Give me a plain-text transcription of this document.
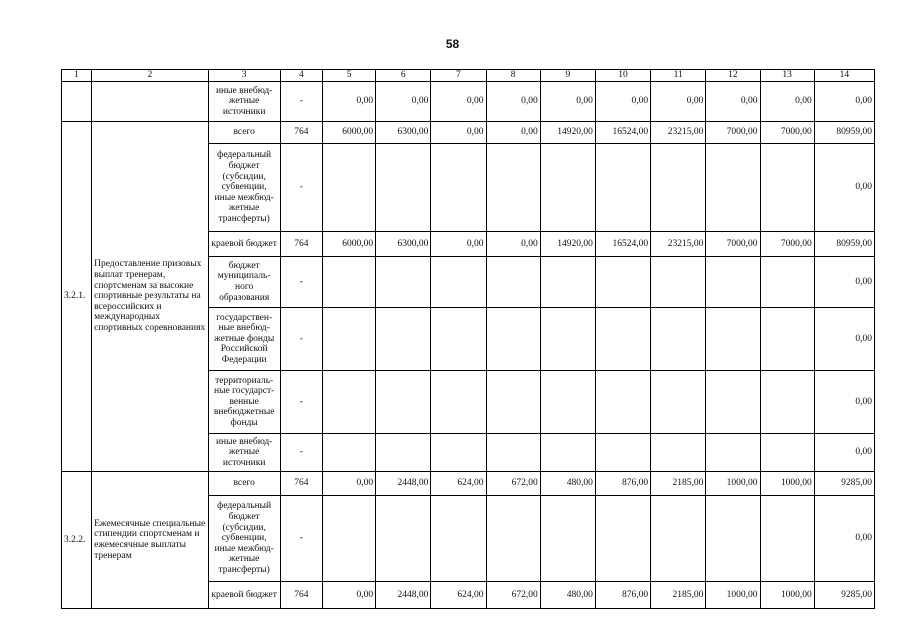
58
1	2	3	4	5	6	7	8	9	10	11	12	13	14
		иные внебюд-жетные источники	-	0,00	0,00	0,00	0,00	0,00	0,00	0,00	0,00	0,00	0,00
3.2.1.	Предоставление призовых выплат тренерам, спортсменам за высокие спортивные результаты на всероссийских и международных спортивных соревнованиях	всего	764	6000,00	6300,00	0,00	0,00	14920,00	16524,00	23215,00	7000,00	7000,00	80959,00
		федеральный бюджет (субсидии, субвенции, иные межбюд-жетные трансферты)	-										0,00
		краевой бюджет	764	6000,00	6300,00	0,00	0,00	14920,00	16524,00	23215,00	7000,00	7000,00	80959,00
		бюджет муниципаль-ного образования	-										0,00
		государствен-ные внебюд-жетные фонды Российской Федерации	-										0,00
		территориаль-ные государст-венные внебюджетные фонды	-										0,00
		иные внебюд-жетные источники	-										0,00
3.2.2.	Ежемесячные специальные стипендии спортсменам и ежемесячные выплаты тренерам	всего	764	0,00	2448,00	624,00	672,00	480,00	876,00	2185,00	1000,00	1000,00	9285,00
		федеральный бюджет (субсидии, субвенции, иные межбюд-жетные трансферты)	-										0,00
		краевой бюджет	764	0,00	2448,00	624,00	672,00	480,00	876,00	2185,00	1000,00	1000,00	9285,00
